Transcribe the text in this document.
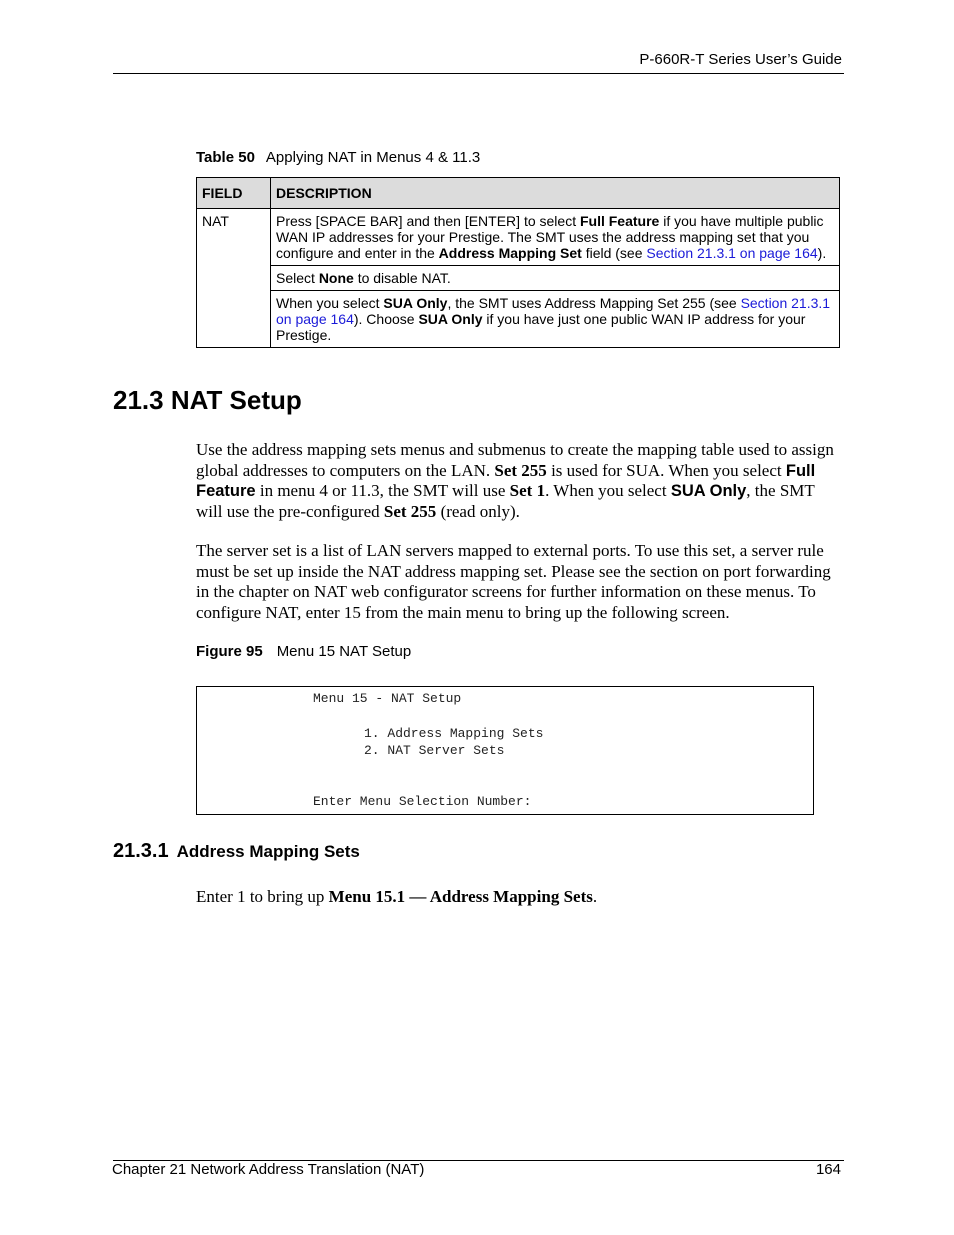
P-660R-T Series User’s Guide
Table 50 Applying NAT in Menus 4 & 11.3
FIELD	DESCRIPTION
NAT	Press [SPACE BAR] and then [ENTER] to select Full Feature if you have multiple public WAN IP addresses for your Prestige. The SMT uses the address mapping set that you configure and enter in the Address Mapping Set field (see Section 21.3.1 on page 164).
	Select None to disable NAT.
	When you select SUA Only, the SMT uses Address Mapping Set 255 (see Section 21.3.1 on page 164). Choose SUA Only if you have just one public WAN IP address for your Prestige.
21.3 NAT Setup
Use the address mapping sets menus and submenus to create the mapping table used to assign global addresses to computers on the LAN. Set 255 is used for SUA. When you select Full Feature in menu 4 or 11.3, the SMT will use Set 1. When you select SUA Only, the SMT will use the pre-configured Set 255 (read only).
The server set is a list of LAN servers mapped to external ports. To use this set, a server rule must be set up inside the NAT address mapping set. Please see the section on port forwarding in the chapter on NAT web configurator screens for further information on these menus. To configure NAT, enter 15 from the main menu to bring up the following screen.
Figure 95 Menu 15 NAT Setup
Menu 15 - NAT Setup
1. Address Mapping Sets
2. NAT Server Sets
Enter Menu Selection Number:
21.3.1 Address Mapping Sets
Enter 1 to bring up Menu 15.1 — Address Mapping Sets.
Chapter 21 Network Address Translation (NAT)	164
